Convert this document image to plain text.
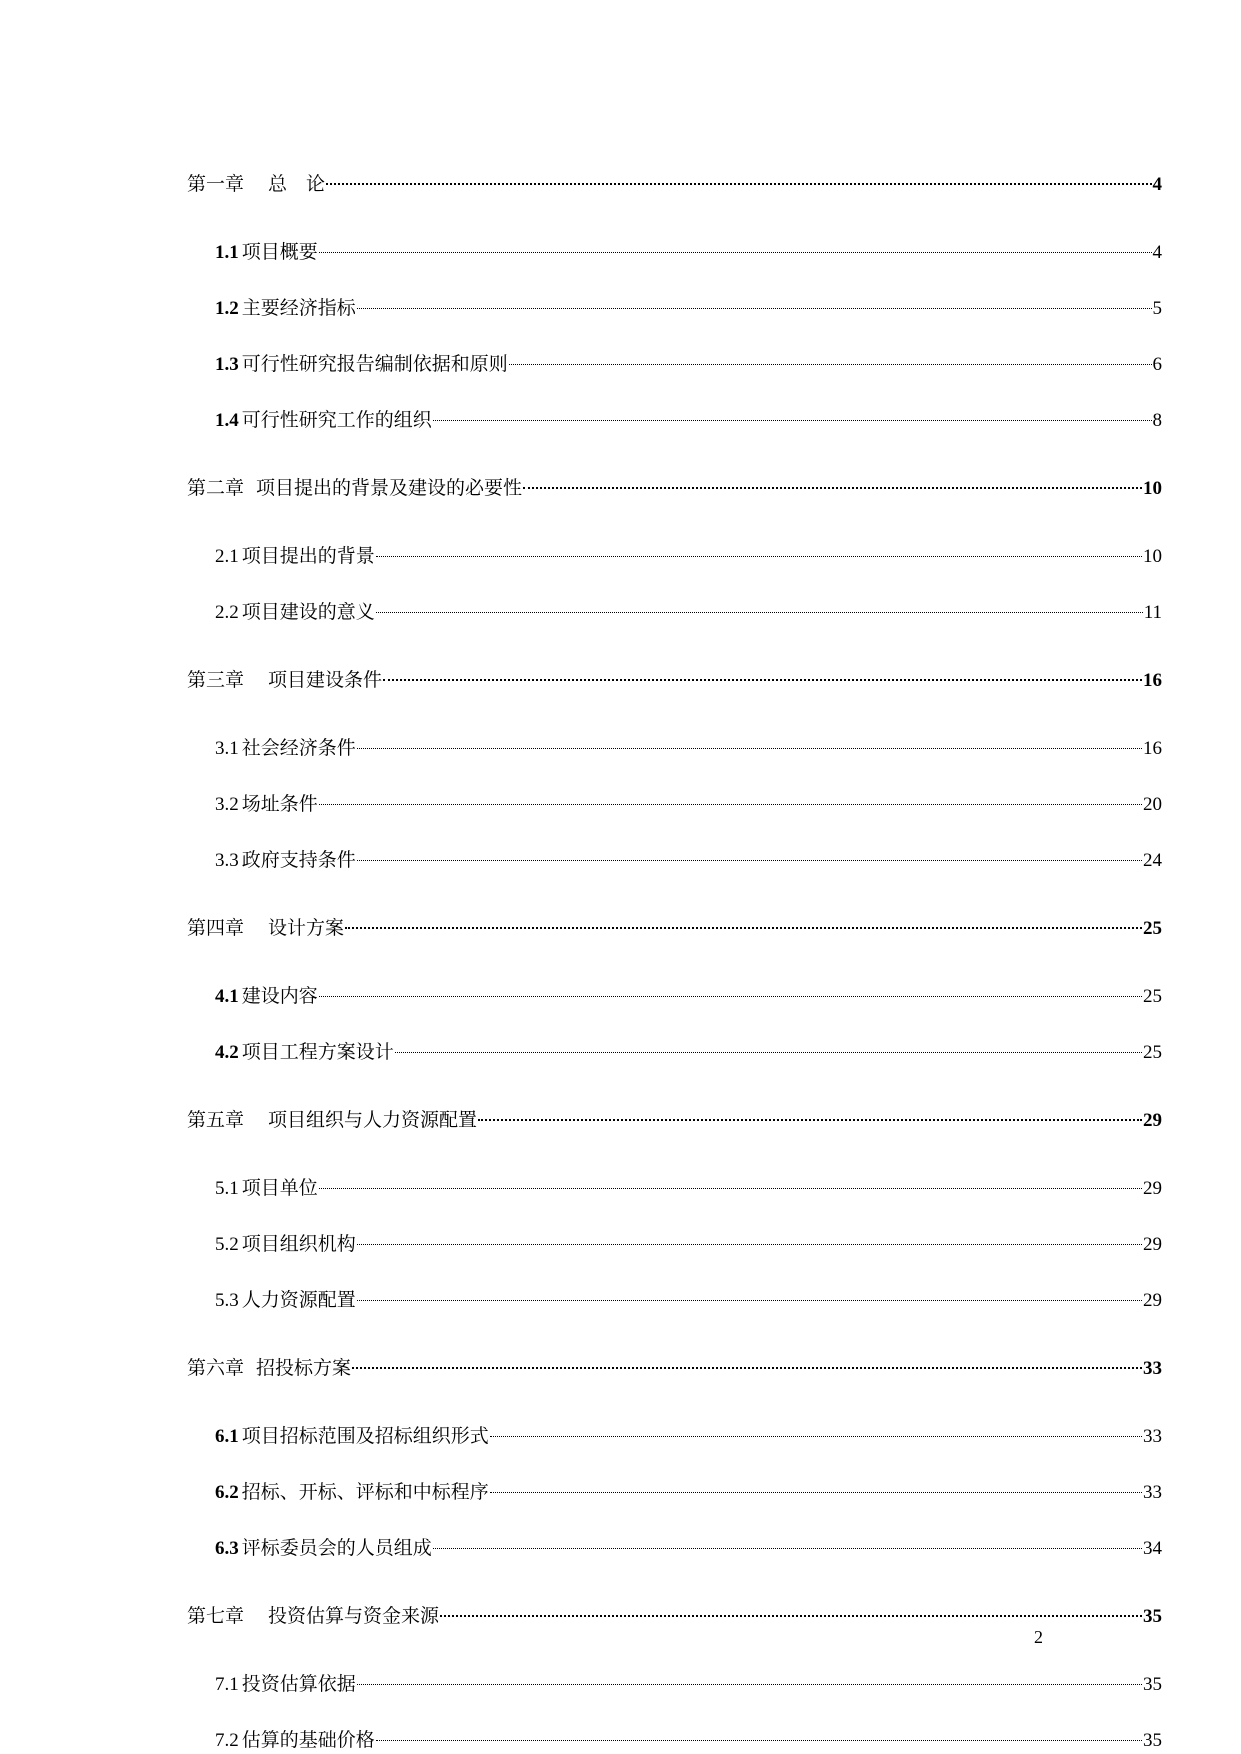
第一章 总　论	4
1.1 项目概要	4
1.2 主要经济指标	5
1.3 可行性研究报告编制依据和原则	6
1.4 可行性研究工作的组织	8
第二章 项目提出的背景及建设的必要性	10
2.1 项目提出的背景	10
2.2 项目建设的意义	11
第三章 项目建设条件	16
3.1 社会经济条件	16
3.2 场址条件	20
3.3 政府支持条件	24
第四章 设计方案	25
4.1 建设内容	25
4.2 项目工程方案设计	25
第五章 项目组织与人力资源配置	29
5.1 项目单位	29
5.2 项目组织机构	29
5.3 人力资源配置	29
第六章 招投标方案	33
6.1 项目招标范围及招标组织形式	33
6.2 招标、开标、评标和中标程序	33
6.3 评标委员会的人员组成	34
第七章 投资估算与资金来源	35
7.1 投资估算依据	35
7.2 估算的基础价格	35
2
